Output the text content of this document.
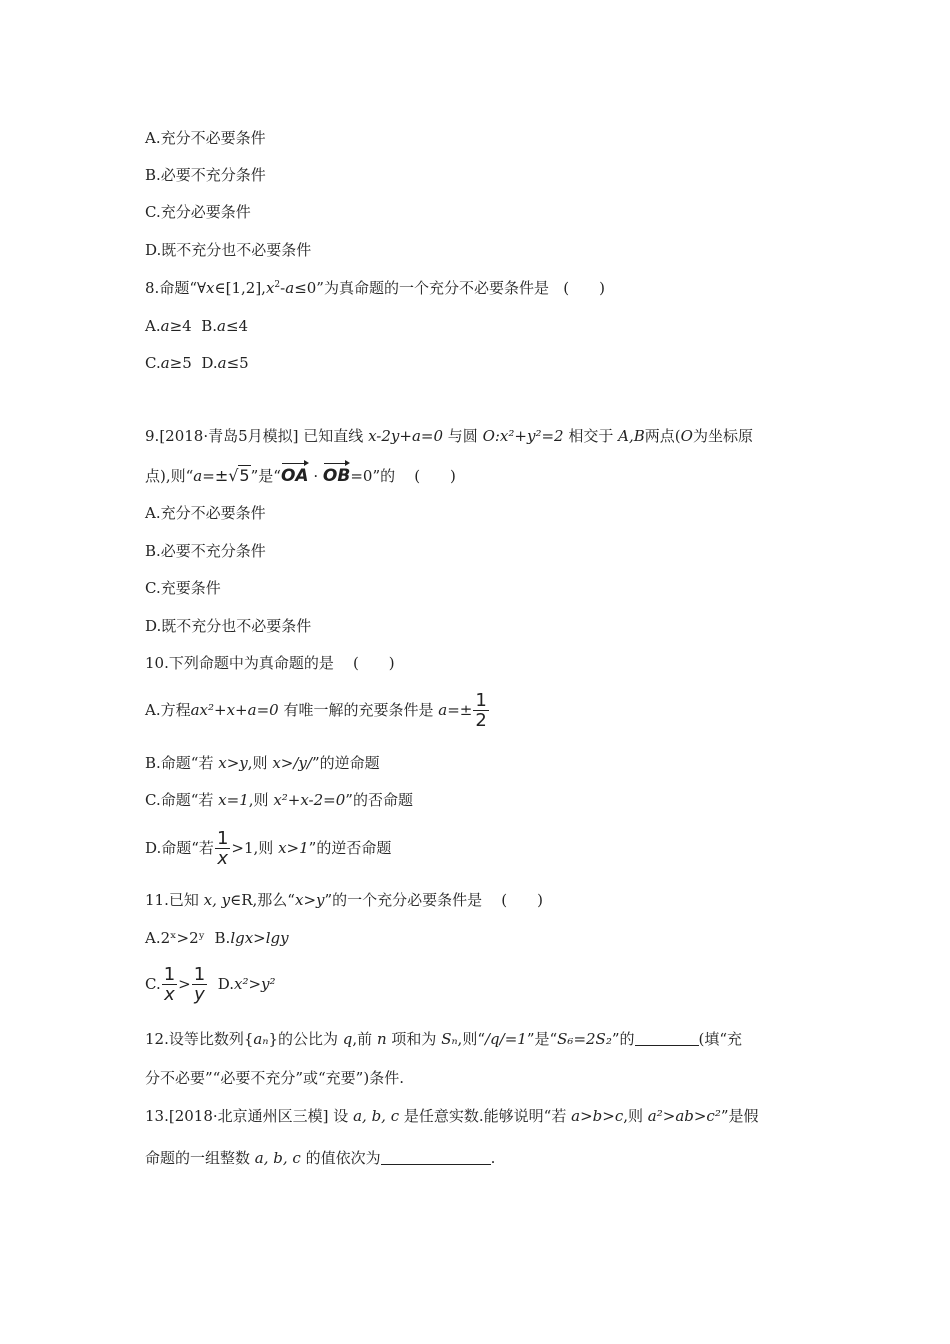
A.充分不必要条件
B.必要不充分条件
C.充分必要条件
D.既不充分也不必要条件
8.命题“$\forall x\in[1,2],x^2-a\le 0$”为真命题的一个充分不必要条件是 (　　)
A.a≥4 B.a≤4
C.a≥5 D.a≤5
9.[2018·青岛5月模拟] 已知直线 x-2y+a=0 与圆 O:x²+y²=2 相交于 A,B两点(O为坐标原
点),则“a=±√5”是“OA · OB=0”的 (　　)
A.充分不必要条件
B.必要不充分条件
C.充要条件
D.既不充分也不必要条件
10.下列命题中为真命题的是 (　　)
A.方程ax²+x+a=0 有唯一解的充要条件是 $a=\pm \frac{1}{2}$
B.命题“若 x>y,则 x>/y/”的逆命题
C.命题“若 x=1,则 x²+x-2=0”的否命题
D.命题“若 $\frac{1}{x} >1$,则 x>1”的逆否命题
11.已知 x, y∈R,那么“x>y”的一个充分必要条件是 (　　)
A.2ˣ>2ʸ B.lgx>lgy
C. $\frac{1}{x} > \frac{1}{y} D.x^2>y^2$
12.设等比数列{aₙ}的公比为 q,前 n 项和为 Sₙ,则“/q/=1”是“S₆=2S₂”的	(填“充
分不必要”“必要不充分”或“充要”)条件.
13.[2018·北京通州区三模] 设 a, b, c 是任意实数.能够说明“若 a>b>c,则 a²>ab>c²”是假
命题的一组整数 a, b, c 的值依次为	.
